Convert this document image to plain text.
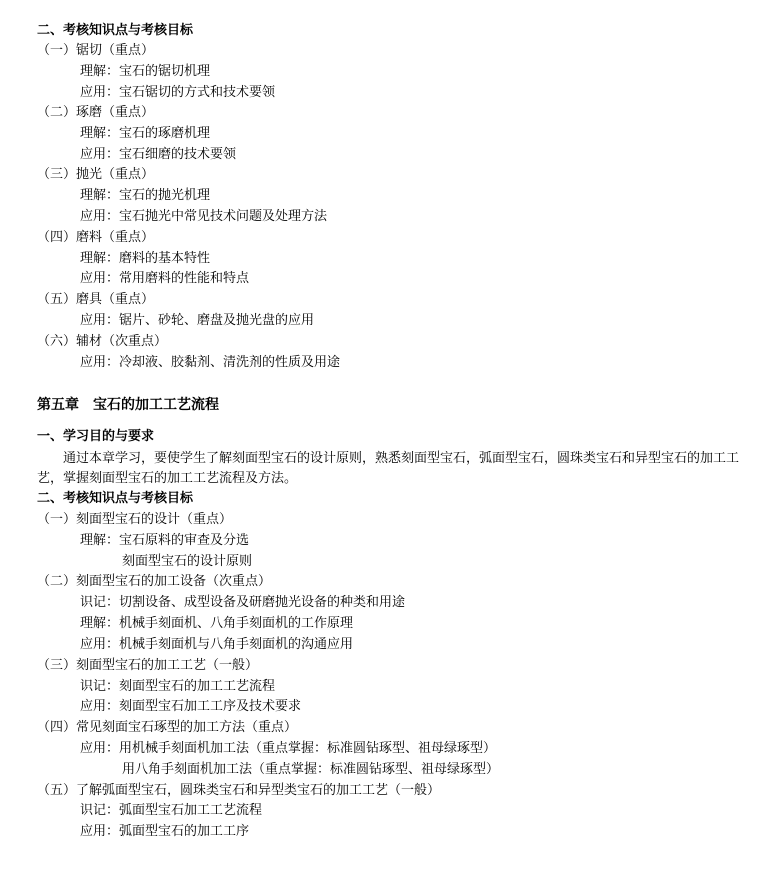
二、考核知识点与考核目标
（一）锯切（重点）
理解：宝石的锯切机理
应用：宝石锯切的方式和技术要领
（二）琢磨（重点）
理解：宝石的琢磨机理
应用：宝石细磨的技术要领
（三）抛光（重点）
理解：宝石的抛光机理
应用：宝石抛光中常见技术问题及处理方法
（四）磨料（重点）
理解：磨料的基本特性
应用：常用磨料的性能和特点
（五）磨具（重点）
应用：锯片、砂轮、磨盘及抛光盘的应用
（六）辅材（次重点）
应用：冷却液、胶黏剂、清洗剂的性质及用途
第五章　宝石的加工工艺流程
一、学习目的与要求
通过本章学习，要使学生了解刻面型宝石的设计原则，熟悉刻面型宝石，弧面型宝石，圆珠类宝石和异型宝石的加工工艺，掌握刻面型宝石的加工工艺流程及方法。
二、考核知识点与考核目标
（一）刻面型宝石的设计（重点）
理解：宝石原料的审查及分选
刻面型宝石的设计原则
（二）刻面型宝石的加工设备（次重点）
识记：切割设备、成型设备及研磨抛光设备的种类和用途
理解：机械手刻面机、八角手刻面机的工作原理
应用：机械手刻面机与八角手刻面机的沟通应用
（三）刻面型宝石的加工工艺（一般）
识记：刻面型宝石的加工工艺流程
应用：刻面型宝石加工工序及技术要求
（四）常见刻面宝石琢型的加工方法（重点）
应用：用机械手刻面机加工法（重点掌握：标准圆钻琢型、祖母绿琢型）
用八角手刻面机加工法（重点掌握：标准圆钻琢型、祖母绿琢型）
（五）了解弧面型宝石，圆珠类宝石和异型类宝石的加工工艺（一般）
识记：弧面型宝石加工工艺流程
应用：弧面型宝石的加工工序
